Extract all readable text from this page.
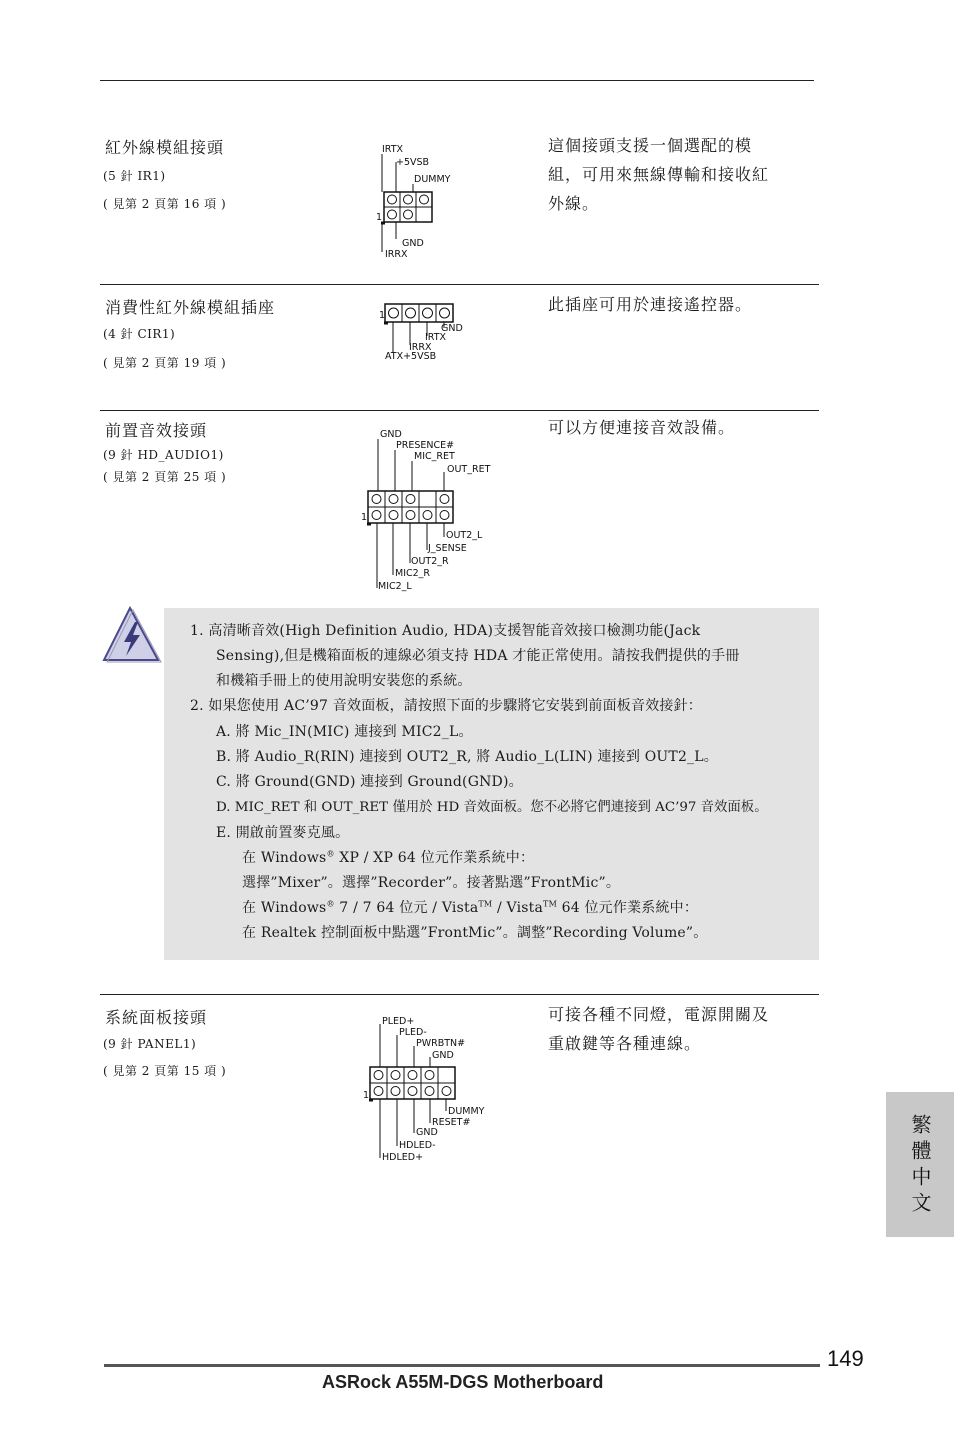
紅外線模組接頭
(5 針 IR1)
( 見第 2 頁第 16 項 )
這個接頭支援一個選配的模
組，可用來無線傳輸和接收紅
外線。
IRTX
+5VSB
DUMMY
1
GND
IRRX
消費性紅外線模組插座
(4 針 CIR1)
( 見第 2 頁第 19 項 )
此插座可用於連接遙控器。
1
GND
IRTX
IRRX
ATX+5VSB
前置音效接頭
(9 針 HD_AUDIO1)
( 見第 2 頁第 25 項 )
可以方便連接音效設備。
GND
PRESENCE#
MIC_RET
OUT_RET
1
OUT2_L
J_SENSE
OUT2_R
MIC2_R
MIC2_L
1. 高清晰音效(High Definition Audio, HDA)支援智能音效接口檢測功能(Jack
Sensing),但是機箱面板的連線必須支持 HDA 才能正常使用。請按我們提供的手冊
和機箱手冊上的使用說明安裝您的系統。
2. 如果您使用 AC’97 音效面板，請按照下面的步驟將它安裝到前面板音效接針：
A. 將 Mic_IN(MIC) 連接到 MIC2_L。
B. 將 Audio_R(RIN) 連接到 OUT2_R, 將 Audio_L(LIN) 連接到 OUT2_L。
C. 將 Ground(GND) 連接到 Ground(GND)。
D. MIC_RET 和 OUT_RET 僅用於 HD 音效面板。您不必將它們連接到 AC’97 音效面板。
E. 開啟前置麥克風。
在 Windows® XP / XP 64 位元作業系統中：
選擇”Mixer”。選擇”Recorder”。接著點選”FrontMic”。
在 Windows® 7 / 7 64 位元 / Vista™ / Vista™ 64 位元作業系統中：
在 Realtek 控制面板中點選”FrontMic”。調整”Recording Volume”。
系統面板接頭
(9 針 PANEL1)
( 見第 2 頁第 15 項 )
可接各種不同燈，電源開關及
重啟鍵等各種連線。
PLED+
PLED-
PWRBTN#
GND
1
DUMMY
RESET#
GND
HDLED-
HDLED+	繁體中文
149
ASRock A55M-DGS Motherboard
